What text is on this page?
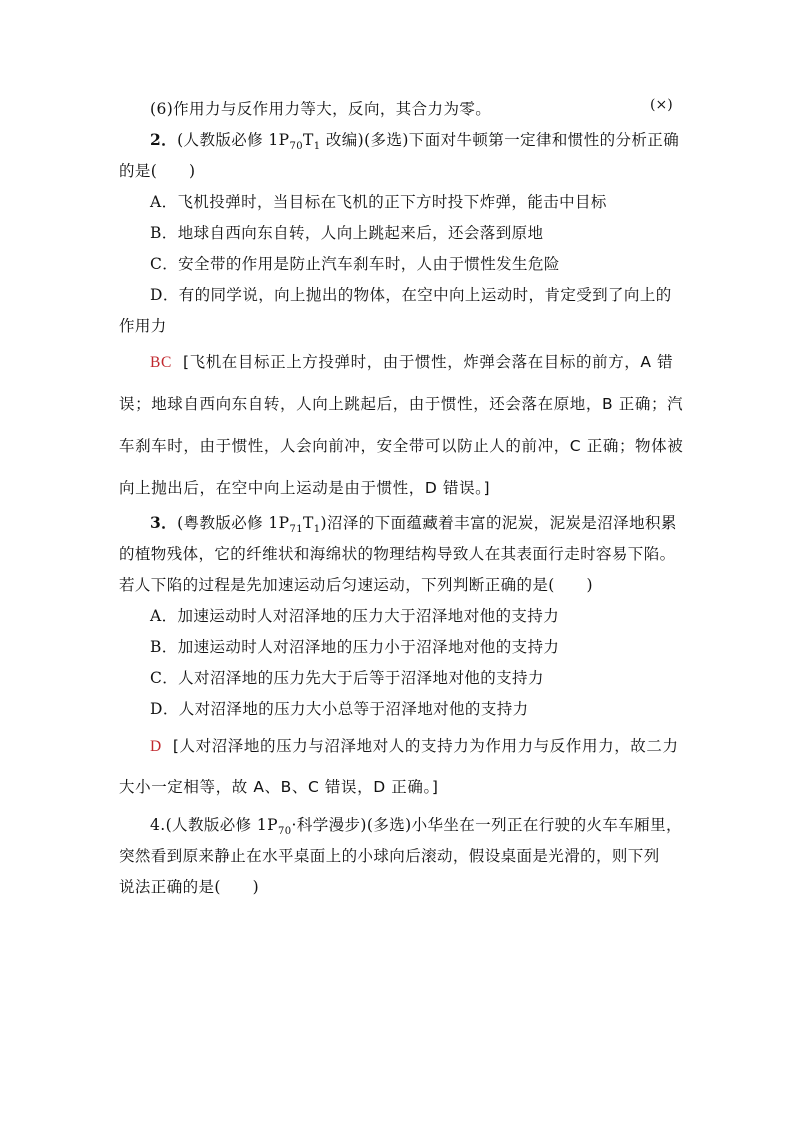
(6)作用力与反作用力等大，反向，其合力为零。	(×)
2．(人教版必修 $1P_{70}T_1$ 改编)(多选)下面对牛顿第一定律和惯性的分析正确
的是(　　)
A．飞机投弹时，当目标在飞机的正下方时投下炸弹，能击中目标
B．地球自西向东自转，人向上跳起来后，还会落到原地
C．安全带的作用是防止汽车刹车时，人由于惯性发生危险
D．有的同学说，向上抛出的物体，在空中向上运动时，肯定受到了向上的
作用力
BC [飞机在目标正上方投弹时，由于惯性，炸弹会落在目标的前方，A 错
误；地球自西向东自转，人向上跳起后，由于惯性，还会落在原地，B 正确；汽
车刹车时，由于惯性，人会向前冲，安全带可以防止人的前冲，C 正确；物体被
向上抛出后，在空中向上运动是由于惯性，D 错误。]
3．(粤教版必修 $1P_{71}T_1$)沼泽的下面蕴藏着丰富的泥炭，泥炭是沼泽地积累
的植物残体，它的纤维状和海绵状的物理结构导致人在其表面行走时容易下陷。
若人下陷的过程是先加速运动后匀速运动，下列判断正确的是(　　)
A．加速运动时人对沼泽地的压力大于沼泽地对他的支持力
B．加速运动时人对沼泽地的压力小于沼泽地对他的支持力
C．人对沼泽地的压力先大于后等于沼泽地对他的支持力
D．人对沼泽地的压力大小总等于沼泽地对他的支持力
D [人对沼泽地的压力与沼泽地对人的支持力为作用力与反作用力，故二力
大小一定相等，故 A、B、C 错误，D 正确。]
4.(人教版必修 $1P_{70}\cdot$科学漫步)(多选)小华坐在一列正在行驶的火车车厢里，
突然看到原来静止在水平桌面上的小球向后滚动，假设桌面是光滑的，则下列
说法正确的是(　　)
